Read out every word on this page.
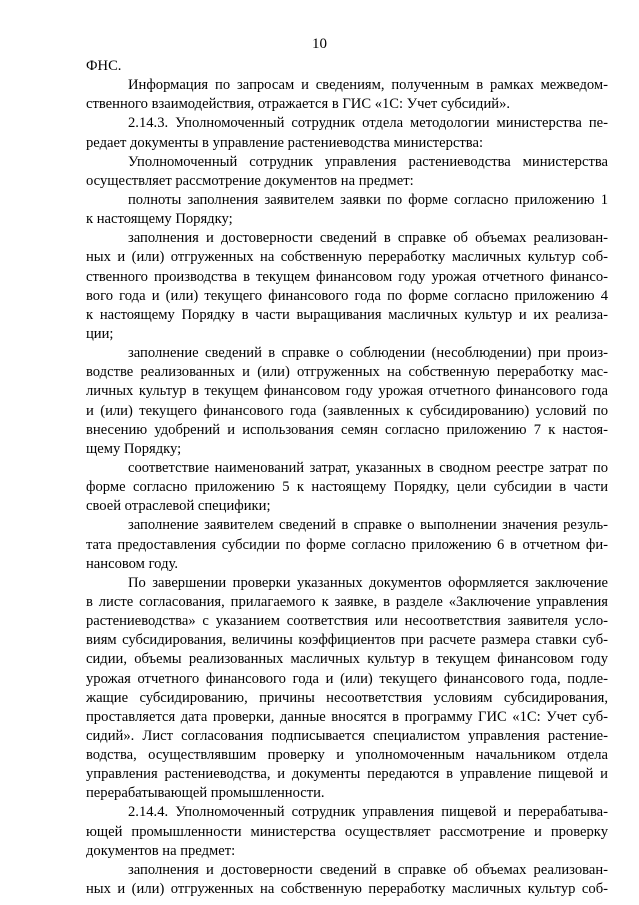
10
ФНС.
Информация по запросам и сведениям, полученным в рамках межведом-
ственного взаимодействия, отражается в ГИС «1С: Учет субсидий».
2.14.3. Уполномоченный сотрудник отдела методологии министерства пе-
редает документы в управление растениеводства министерства:
Уполномоченный сотрудник управления растениеводства министерства
осуществляет рассмотрение документов на предмет:
полноты заполнения заявителем заявки по форме согласно приложению 1
к настоящему Порядку;
заполнения и достоверности сведений в справке об объемах реализован-
ных и (или) отгруженных на собственную переработку масличных культур соб-
ственного производства в текущем финансовом году урожая отчетного финансо-
вого года и (или) текущего финансового года по форме согласно приложению 4
к настоящему Порядку в части выращивания масличных культур и их реализа-
ции;
заполнение сведений в справке о соблюдении (несоблюдении) при произ-
водстве реализованных и (или) отгруженных на собственную переработку мас-
личных культур в текущем финансовом году урожая отчетного финансового года
и (или) текущего финансового года (заявленных к субсидированию) условий по
внесению удобрений и использования семян согласно приложению 7 к настоя-
щему Порядку;
соответствие наименований затрат, указанных в сводном реестре затрат по
форме согласно приложению 5 к настоящему Порядку, цели субсидии в части
своей отраслевой специфики;
заполнение заявителем сведений в справке о выполнении значения резуль-
тата предоставления субсидии по форме согласно приложению 6 в отчетном фи-
нансовом году.
По завершении проверки указанных документов оформляется заключение
в листе согласования, прилагаемого к заявке, в разделе «Заключение управления
растениеводства» с указанием соответствия или несоответствия заявителя усло-
виям субсидирования, величины коэффициентов при расчете размера ставки суб-
сидии, объемы реализованных масличных культур в текущем финансовом году
урожая отчетного финансового года и (или) текущего финансового года, подле-
жащие субсидированию, причины несоответствия условиям субсидирования,
проставляется дата проверки, данные вносятся в программу ГИС «1С: Учет суб-
сидий». Лист согласования подписывается специалистом управления растение-
водства, осуществлявшим проверку и уполномоченным начальником отдела
управления растениеводства, и документы передаются в управление пищевой и
перерабатывающей промышленности.
2.14.4. Уполномоченный сотрудник управления пищевой и перерабатыва-
ющей промышленности министерства осуществляет рассмотрение и проверку
документов на предмет:
заполнения и достоверности сведений в справке об объемах реализован-
ных и (или) отгруженных на собственную переработку масличных культур соб-
